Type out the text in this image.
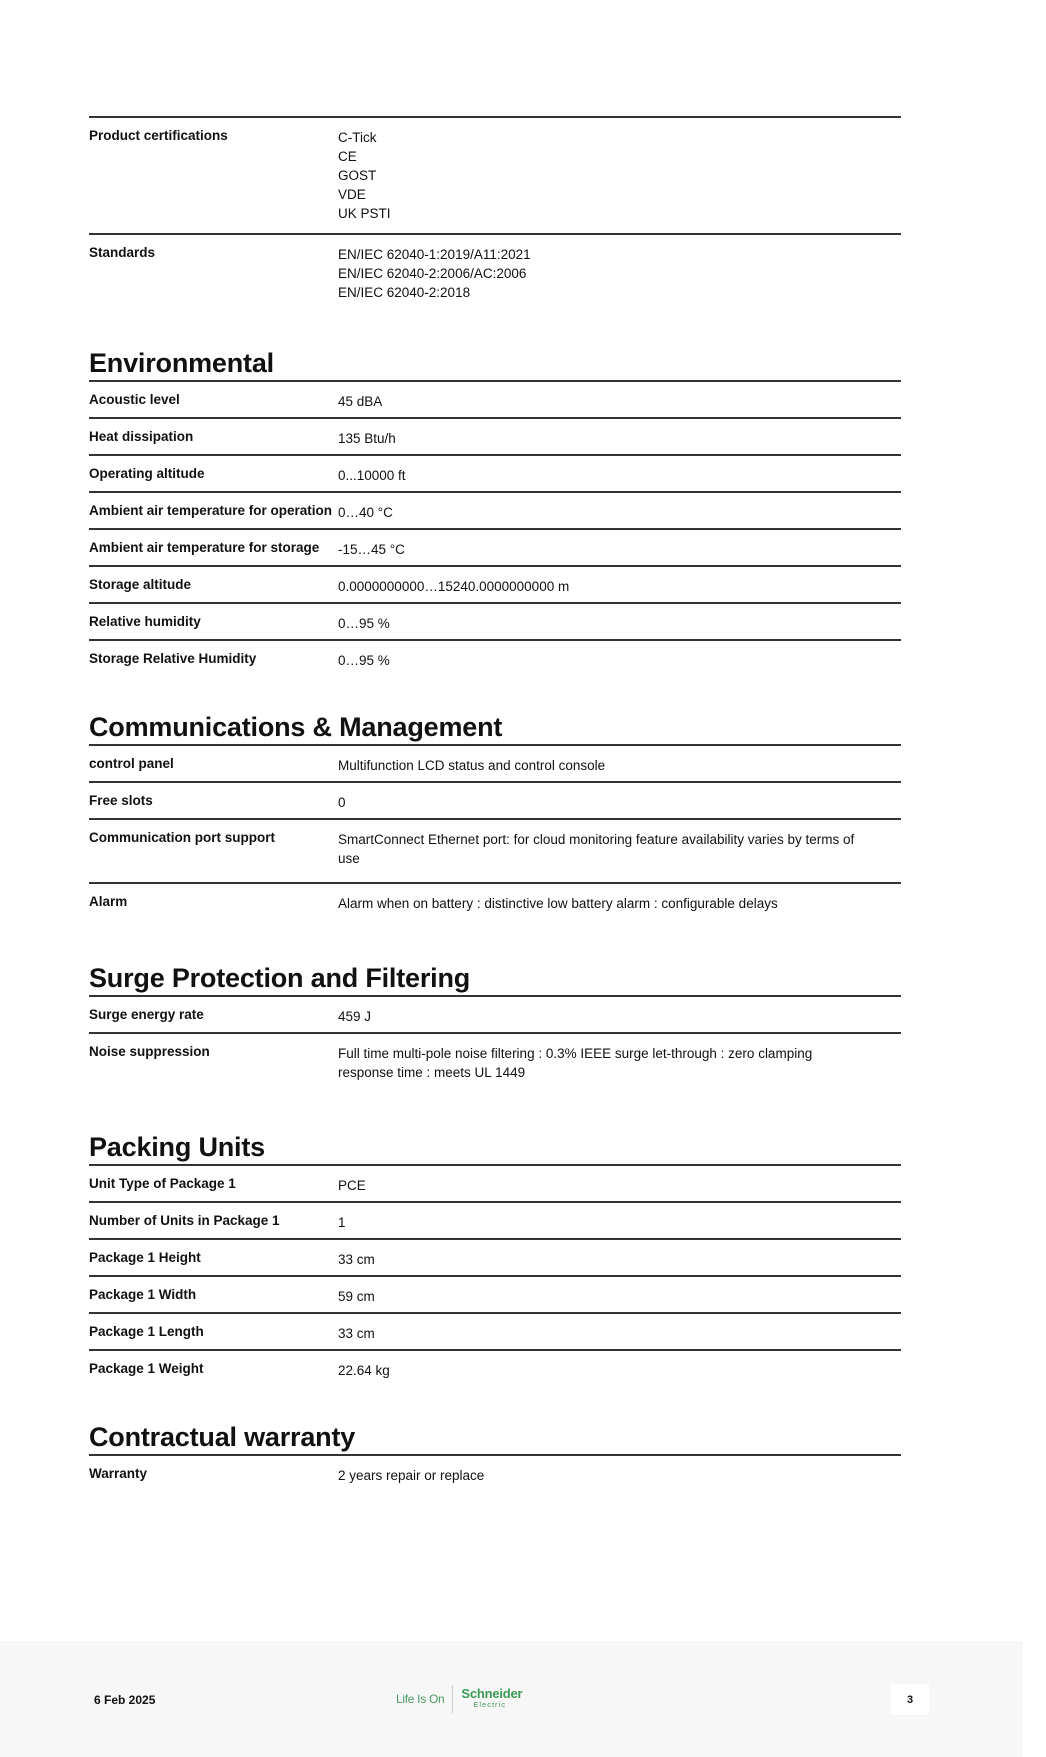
Product certifications	C-Tick
CE
GOST
VDE
UK PSTI
Standards	EN/IEC 62040-1:2019/A11:2021
EN/IEC 62040-2:2006/AC:2006
EN/IEC 62040-2:2018
Environmental
Acoustic level	45 dBA
Heat dissipation	135 Btu/h
Operating altitude	0...10000 ft
Ambient air temperature for operation 0…40 °C
Ambient air temperature for storage	-15…45 °C
Storage altitude	0.0000000000…15240.0000000000 m
Relative humidity	0…95 %
Storage Relative Humidity	0…95 %
Communications & Management
control panel	Multifunction LCD status and control console
Free slots	0
Communication port support	SmartConnect Ethernet port: for cloud monitoring feature availability varies by terms of use
Alarm	Alarm when on battery : distinctive low battery alarm : configurable delays
Surge Protection and Filtering
Surge energy rate	459 J
Noise suppression	Full time multi-pole noise filtering : 0.3% IEEE surge let-through : zero clamping response time : meets UL 1449
Packing Units
Unit Type of Package 1	PCE
Number of Units in Package 1	1
Package 1 Height	33 cm
Package 1 Width	59 cm
Package 1 Length	33 cm
Package 1 Weight	22.64 kg
Contractual warranty
Warranty	2 years repair or replace
6 Feb 2025	Life Is On Schneider
Electric	3
